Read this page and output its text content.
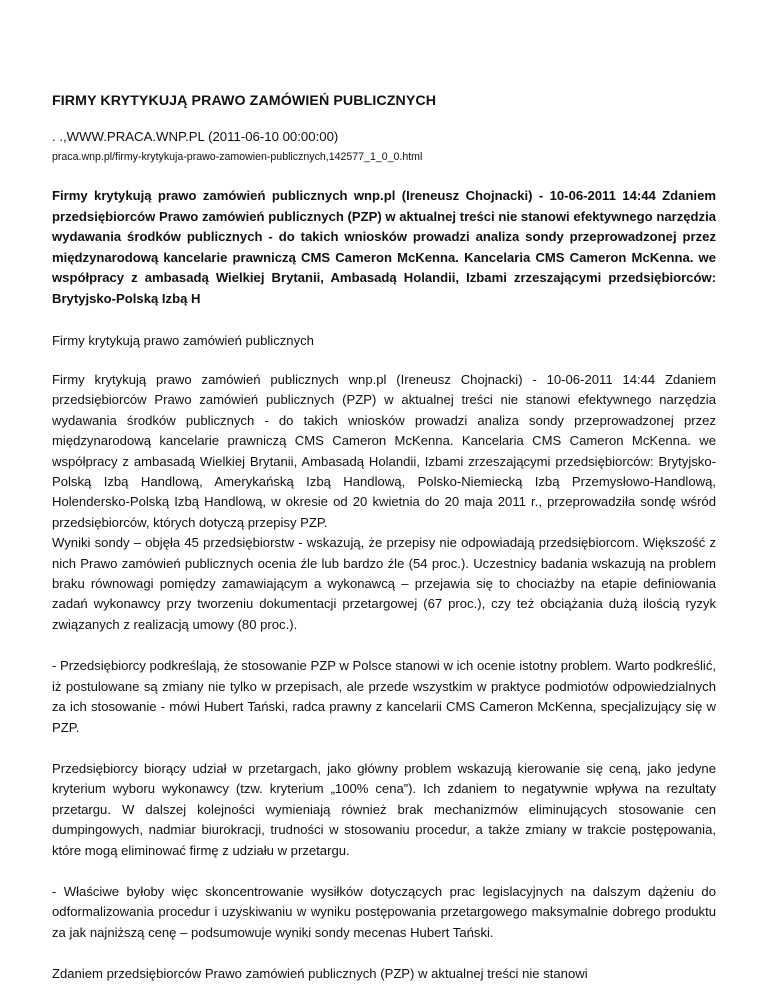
FIRMY KRYTYKUJĄ PRAWO ZAMÓWIEŃ PUBLICZNYCH
. .,WWW.PRACA.WNP.PL (2011-06-10 00:00:00)
praca.wnp.pl/firmy-krytykuja-prawo-zamowien-publicznych,142577_1_0_0.html
Firmy krytykują prawo zamówień publicznych wnp.pl (Ireneusz Chojnacki) - 10-06-2011 14:44 Zdaniem przedsiębiorców Prawo zamówień publicznych (PZP) w aktualnej treści nie stanowi efektywnego narzędzia wydawania środków publicznych - do takich wniosków prowadzi analiza sondy przeprowadzonej przez międzynarodową kancelarie prawniczą CMS Cameron McKenna. Kancelaria CMS Cameron McKenna. we współpracy z ambasadą Wielkiej Brytanii, Ambasadą Holandii, Izbami zrzeszającymi przedsiębiorców: Brytyjsko-Polską Izbą H
Firmy krytykują prawo zamówień publicznych

Firmy krytykują prawo zamówień publicznych wnp.pl (Ireneusz Chojnacki) - 10-06-2011 14:44 Zdaniem przedsiębiorców Prawo zamówień publicznych (PZP) w aktualnej treści nie stanowi efektywnego narzędzia wydawania środków publicznych - do takich wniosków prowadzi analiza sondy przeprowadzonej przez międzynarodową kancelarie prawniczą CMS Cameron McKenna. Kancelaria CMS Cameron McKenna. we współpracy z ambasadą Wielkiej Brytanii, Ambasadą Holandii, Izbami zrzeszającymi przedsiębiorców: Brytyjsko-Polską Izbą Handlową, Amerykańską Izbą Handlową, Polsko-Niemiecką Izbą Przemysłowo-Handlową, Holendersko-Polską Izbą Handlową, w okresie od 20 kwietnia do 20 maja 2011 r., przeprowadziła sondę wśród przedsiębiorców, których dotyczą przepisy PZP.

Wyniki sondy – objęła 45 przedsiębiorstw - wskazują, że przepisy nie odpowiadają przedsiębiorcom. Większość z nich Prawo zamówień publicznych ocenia źle lub bardzo źle (54 proc.). Uczestnicy badania wskazują na problem braku równowagi pomiędzy zamawiającym a wykonawcą – przejawia się to chociażby na etapie definiowania zadań wykonawcy przy tworzeniu dokumentacji przetargowej (67 proc.), czy też obciążania dużą ilością ryzyk związanych z realizacją umowy (80 proc.).

- Przedsiębiorcy podkreślają, że stosowanie PZP w Polsce stanowi w ich ocenie istotny problem. Warto podkreślić, iż postulowane są zmiany nie tylko w przepisach, ale przede wszystkim w praktyce podmiotów odpowiedzialnych za ich stosowanie - mówi Hubert Tański, radca prawny z kancelarii CMS Cameron McKenna, specjalizujący się w PZP.
Przedsiębiorcy biorący udział w przetargach, jako główny problem wskazują kierowanie się ceną, jako jedyne kryterium wyboru wykonawcy (tzw. kryterium „100% cena”). Ich zdaniem to negatywnie wpływa na rezultaty przetargu. W dalszej kolejności wymieniają również brak mechanizmów eliminujących stosowanie cen dumpingowych, nadmiar biurokracji, trudności w stosowaniu procedur, a także zmiany w trakcie postępowania, które mogą eliminować firmę z udziału w przetargu.
- Właściwe byłoby więc skoncentrowanie wysiłków dotyczących prac legislacyjnych na dalszym dążeniu do odformalizowania procedur i uzyskiwaniu w wyniku postępowania przetargowego maksymalnie dobrego produktu za jak najniższą cenę – podsumowuje wyniki sondy mecenas Hubert Tański.
Zdaniem przedsiębiorców Prawo zamówień publicznych (PZP) w aktualnej treści nie stanowi
